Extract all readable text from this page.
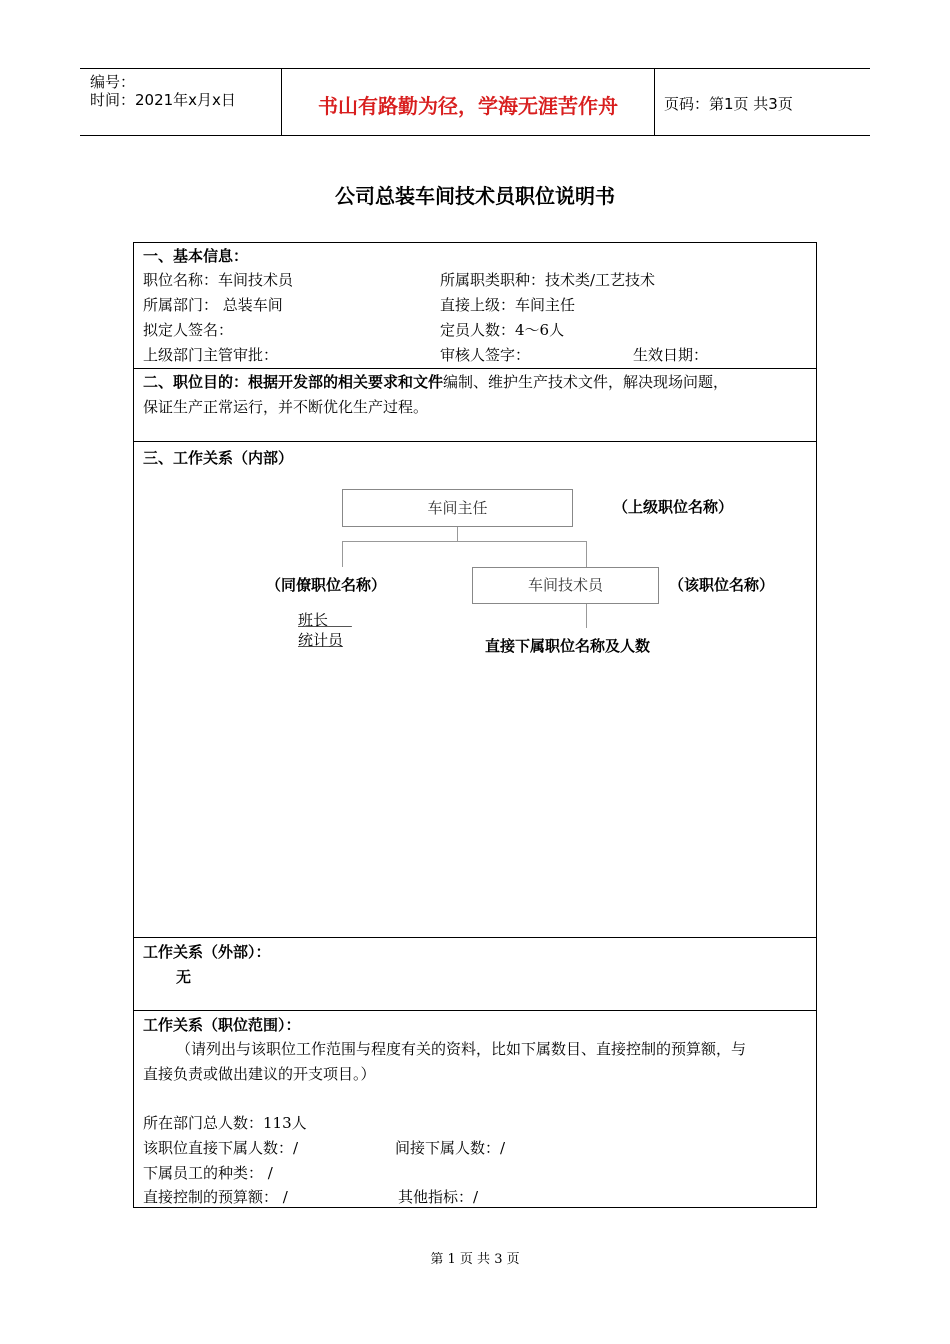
编号：
时间：2021年x月x日	书山有路勤为径，学海无涯苦作舟	页码：第1页 共3页
公司总装车间技术员职位说明书
一、基本信息：
职位名称：车间技术员	所属职类职种：技术类/工艺技术
所属部门： 总装车间	直接上级：车间主任
拟定人签名：	定员人数：4～6人
上级部门主管审批：	审核人签字：	生效日期：
二、职位目的：根据开发部的相关要求和文件编制、维护生产技术文件，解决现场问题，
保证生产正常运行，并不断优化生产过程。
三、工作关系（内部）
车间主任	（上级职位名称）
车间技术员	（该职位名称）
（同僚职位名称）
班长
统计员	直接下属职位名称及人数
工作关系（外部）：
无
工作关系（职位范围）：
（请列出与该职位工作范围与程度有关的资料，比如下属数目、直接控制的预算额，与
直接负责或做出建议的开支项目。）
所在部门总人数：113人
该职位直接下属人数：/	间接下属人数：/
下属员工的种类： /
直接控制的预算额： /	其他指标：/
第 1 页 共 3 页
